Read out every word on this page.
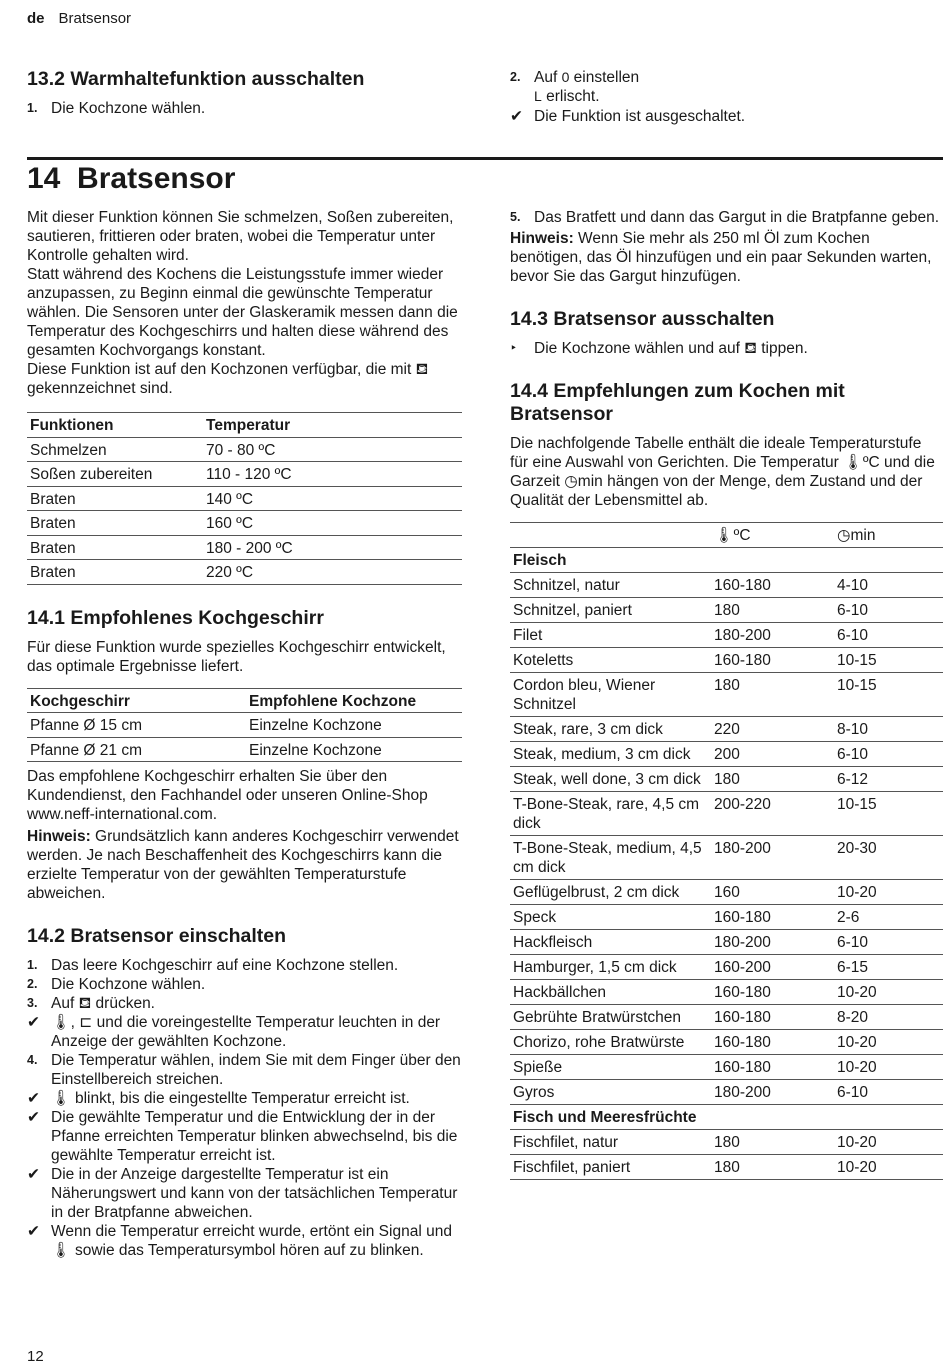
de Bratsensor
13.2 Warmhaltefunktion ausschalten
1. Die Kochzone wählen.
2. Auf 0 einstellen
L erlischt.
✔ Die Funktion ist ausgeschaltet.
14  Bratsensor

Mit dieser Funktion können Sie schmelzen, Soßen zubereiten, sautieren, frittieren oder braten, wobei die Temperatur unter Kontrolle gehalten wird.

Statt während des Kochens die Leistungsstufe immer wieder anzupassen, zu Beginn einmal die gewünschte Temperatur wählen. Die Sensoren unter der Glaskeramik messen dann die Temperatur des Kochgeschirrs und halten diese während des gesamten Kochvorgangs konstant.

Diese Funktion ist auf den Kochzonen verfügbar, die mit ⛾ gekennzeichnet sind.

Funktionen	Temperatur
Schmelzen	70 - 80 ºC
Soßen zubereiten	110 - 120 ºC
Braten	140 ºC
Braten	160 ºC
Braten	180 - 200 ºC
Braten	220 ºC
14.1 Empfohlenes Kochgeschirr

Für diese Funktion wurde spezielles Kochgeschirr entwickelt, das optimale Ergebnisse liefert.

Kochgeschirr	Empfohlene Kochzone
Pfanne Ø 15 cm	Einzelne Kochzone
Pfanne Ø 21 cm	Einzelne Kochzone

Das empfohlene Kochgeschirr erhalten Sie über den Kundendienst, den Fachhandel oder unseren Online-Shop www.neff-international.com.

Hinweis: Grundsätzlich kann anderes Kochgeschirr verwendet werden. Je nach Beschaffenheit des Kochgeschirrs kann die erzielte Temperatur von der gewählten Temperaturstufe abweichen.

14.2 Bratsensor einschalten
1. Das leere Kochgeschirr auf eine Kochzone stellen.
2. Die Kochzone wählen.
3. Auf ⛾ drücken.
✔ 🌡, ⊏ und die voreingestellte Temperatur leuchten in der Anzeige der gewählten Kochzone.
4. Die Temperatur wählen, indem Sie mit dem Finger über den Einstellbereich streichen.
✔ 🌡 blinkt, bis die eingestellte Temperatur erreicht ist.
✔ Die gewählte Temperatur und die Entwicklung der in der Pfanne erreichten Temperatur blinken abwechselnd, bis die gewählte Temperatur erreicht ist.
✔ Die in der Anzeige dargestellte Temperatur ist ein Näherungswert und kann von der tatsächlichen Temperatur in der Bratpfanne abweichen.
✔ Wenn die Temperatur erreicht wurde, ertönt ein Signal und 🌡 sowie das Temperatursymbol hören auf zu blinken.
5. Das Bratfett und dann das Gargut in die Bratpfanne geben.

Hinweis: Wenn Sie mehr als 250 ml Öl zum Kochen benötigen, das Öl hinzufügen und ein paar Sekunden warten, bevor Sie das Gargut hinzufügen.

14.3 Bratsensor ausschalten
‣	Die Kochzone wählen und auf ⛾ tippen.
14.4 Empfehlungen zum Kochen mit Bratsensor

Die nachfolgende Tabelle enthält die ideale Temperaturstufe für eine Auswahl von Gerichten. Die Temperatur 🌡ºC und die Garzeit ◷min hängen von der Menge, dem Zustand und der Qualität der Lebensmittel ab.

	🌡ºC	◷min
Fleisch		
Schnitzel, natur	160-180	4-10
Schnitzel, paniert	180	6-10
Filet	180-200	6-10
Koteletts	160-180	10-15
Cordon bleu, Wiener Schnitzel	180	10-15
Steak, rare, 3 cm dick	220	8-10
Steak, medium, 3 cm dick	200	6-10
Steak, well done, 3 cm dick	180	6-12
T-Bone-Steak, rare, 4,5 cm dick	200-220	10-15
T-Bone-Steak, medium, 4,5 cm dick	180-200	20-30
Geflügelbrust, 2 cm dick	160	10-20
Speck	160-180	2-6
Hackfleisch	180-200	6-10
Hamburger, 1,5 cm dick	160-200	6-15
Hackbällchen	160-180	10-20
Gebrühte Bratwürstchen	160-180	8-20
Chorizo, rohe Bratwürste	160-180	10-20
Spieße	160-180	10-20
Gyros	180-200	6-10
Fisch und Meeresfrüchte		
Fischfilet, natur	180	10-20
Fischfilet, paniert	180	10-20
12
